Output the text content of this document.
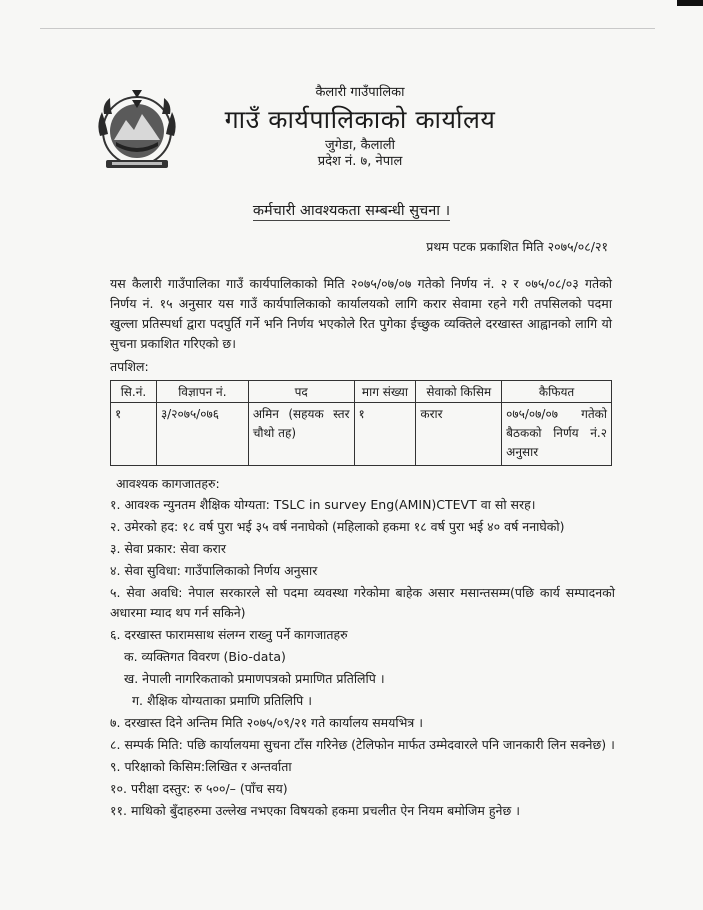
कैलारी गाउँपालिका
गाउँ कार्यपालिकाको कार्यालय
जुगेडा, कैलाली
प्रदेश नं. ७, नेपाल
कर्मचारी आवश्यकता सम्बन्धी सुचना ।
प्रथम पटक प्रकाशित मिति २०७५/०८/२१
यस कैलारी गाउँपालिका गाउँ कार्यपालिकाको मिति २०७५/०७/०७ गतेको निर्णय नं. २ र ०७५/०८/०३ गतेको निर्णय नं. १५ अनुसार यस गाउँ कार्यपालिकाको कार्यालयको लागि करार सेवामा रहने गरी तपसिलको पदमा खुल्ला प्रतिस्पर्धा द्वारा पदपुर्ति गर्ने भनि निर्णय भएकोले रित पुगेका ईच्छुक व्यक्तिले दरखास्त आह्वानको लागि यो सुचना प्रकाशित गरिएको छ।
तपशिल:
सि.नं.	विज्ञापन नं.	पद	माग संख्या	सेवाको किसिम	कैफियत
१	३/२०७५/०७६	अमिन (सहयक स्तर चौथो तह)	१	करार	०७५/०७/०७ गतेको बैठकको निर्णय नं.२ अनुसार
आवश्यक कागजातहरु:
१. आवश्क न्युनतम शैक्षिक योग्यता: TSLC in survey Eng(AMIN)CTEVT वा सो सरह।
२. उमेरको हद: १८ वर्ष पुरा भई ३५ वर्ष ननाघेको (महिलाको हकमा १८ वर्ष पुरा भई ४० वर्ष ननाघेको)
३. सेवा प्रकार: सेवा करार
४. सेवा सुविधा: गाउँपालिकाको निर्णय अनुसार
५. सेवा अवधि: नेपाल सरकारले सो पदमा व्यवस्था गरेकोमा बाहेक असार मसान्तसम्म(पछि कार्य सम्पादनको अधारमा म्याद थप गर्न सकिने)
६. दरखास्त फारामसाथ संलग्न राख्नु पर्ने कागजातहरु
क. व्यक्तिगत विवरण (Bio-data)
ख. नेपाली नागरिकताको प्रमाणपत्रको प्रमाणित प्रतिलिपि ।
ग. शैक्षिक योग्यताका प्रमाणि प्रतिलिपि ।
७. दरखास्त दिने अन्तिम मिति २०७५/०९/२१ गते कार्यालय समयभित्र ।
८. सम्पर्क मिति: पछि कार्यालयमा सुचना टाँस गरिनेछ (टेलिफोन मार्फत उम्मेदवारले पनि जानकारी लिन सक्नेछ) ।
९. परिक्षाको किसिम:लिखित र अन्तर्वाता
१०. परीक्षा दस्तुर: रु ५००/– (पाँच सय)
११. माथिको बुँदाहरुमा उल्लेख नभएका विषयको हकमा प्रचलीत ऐन नियम बमोजिम हुनेछ ।
